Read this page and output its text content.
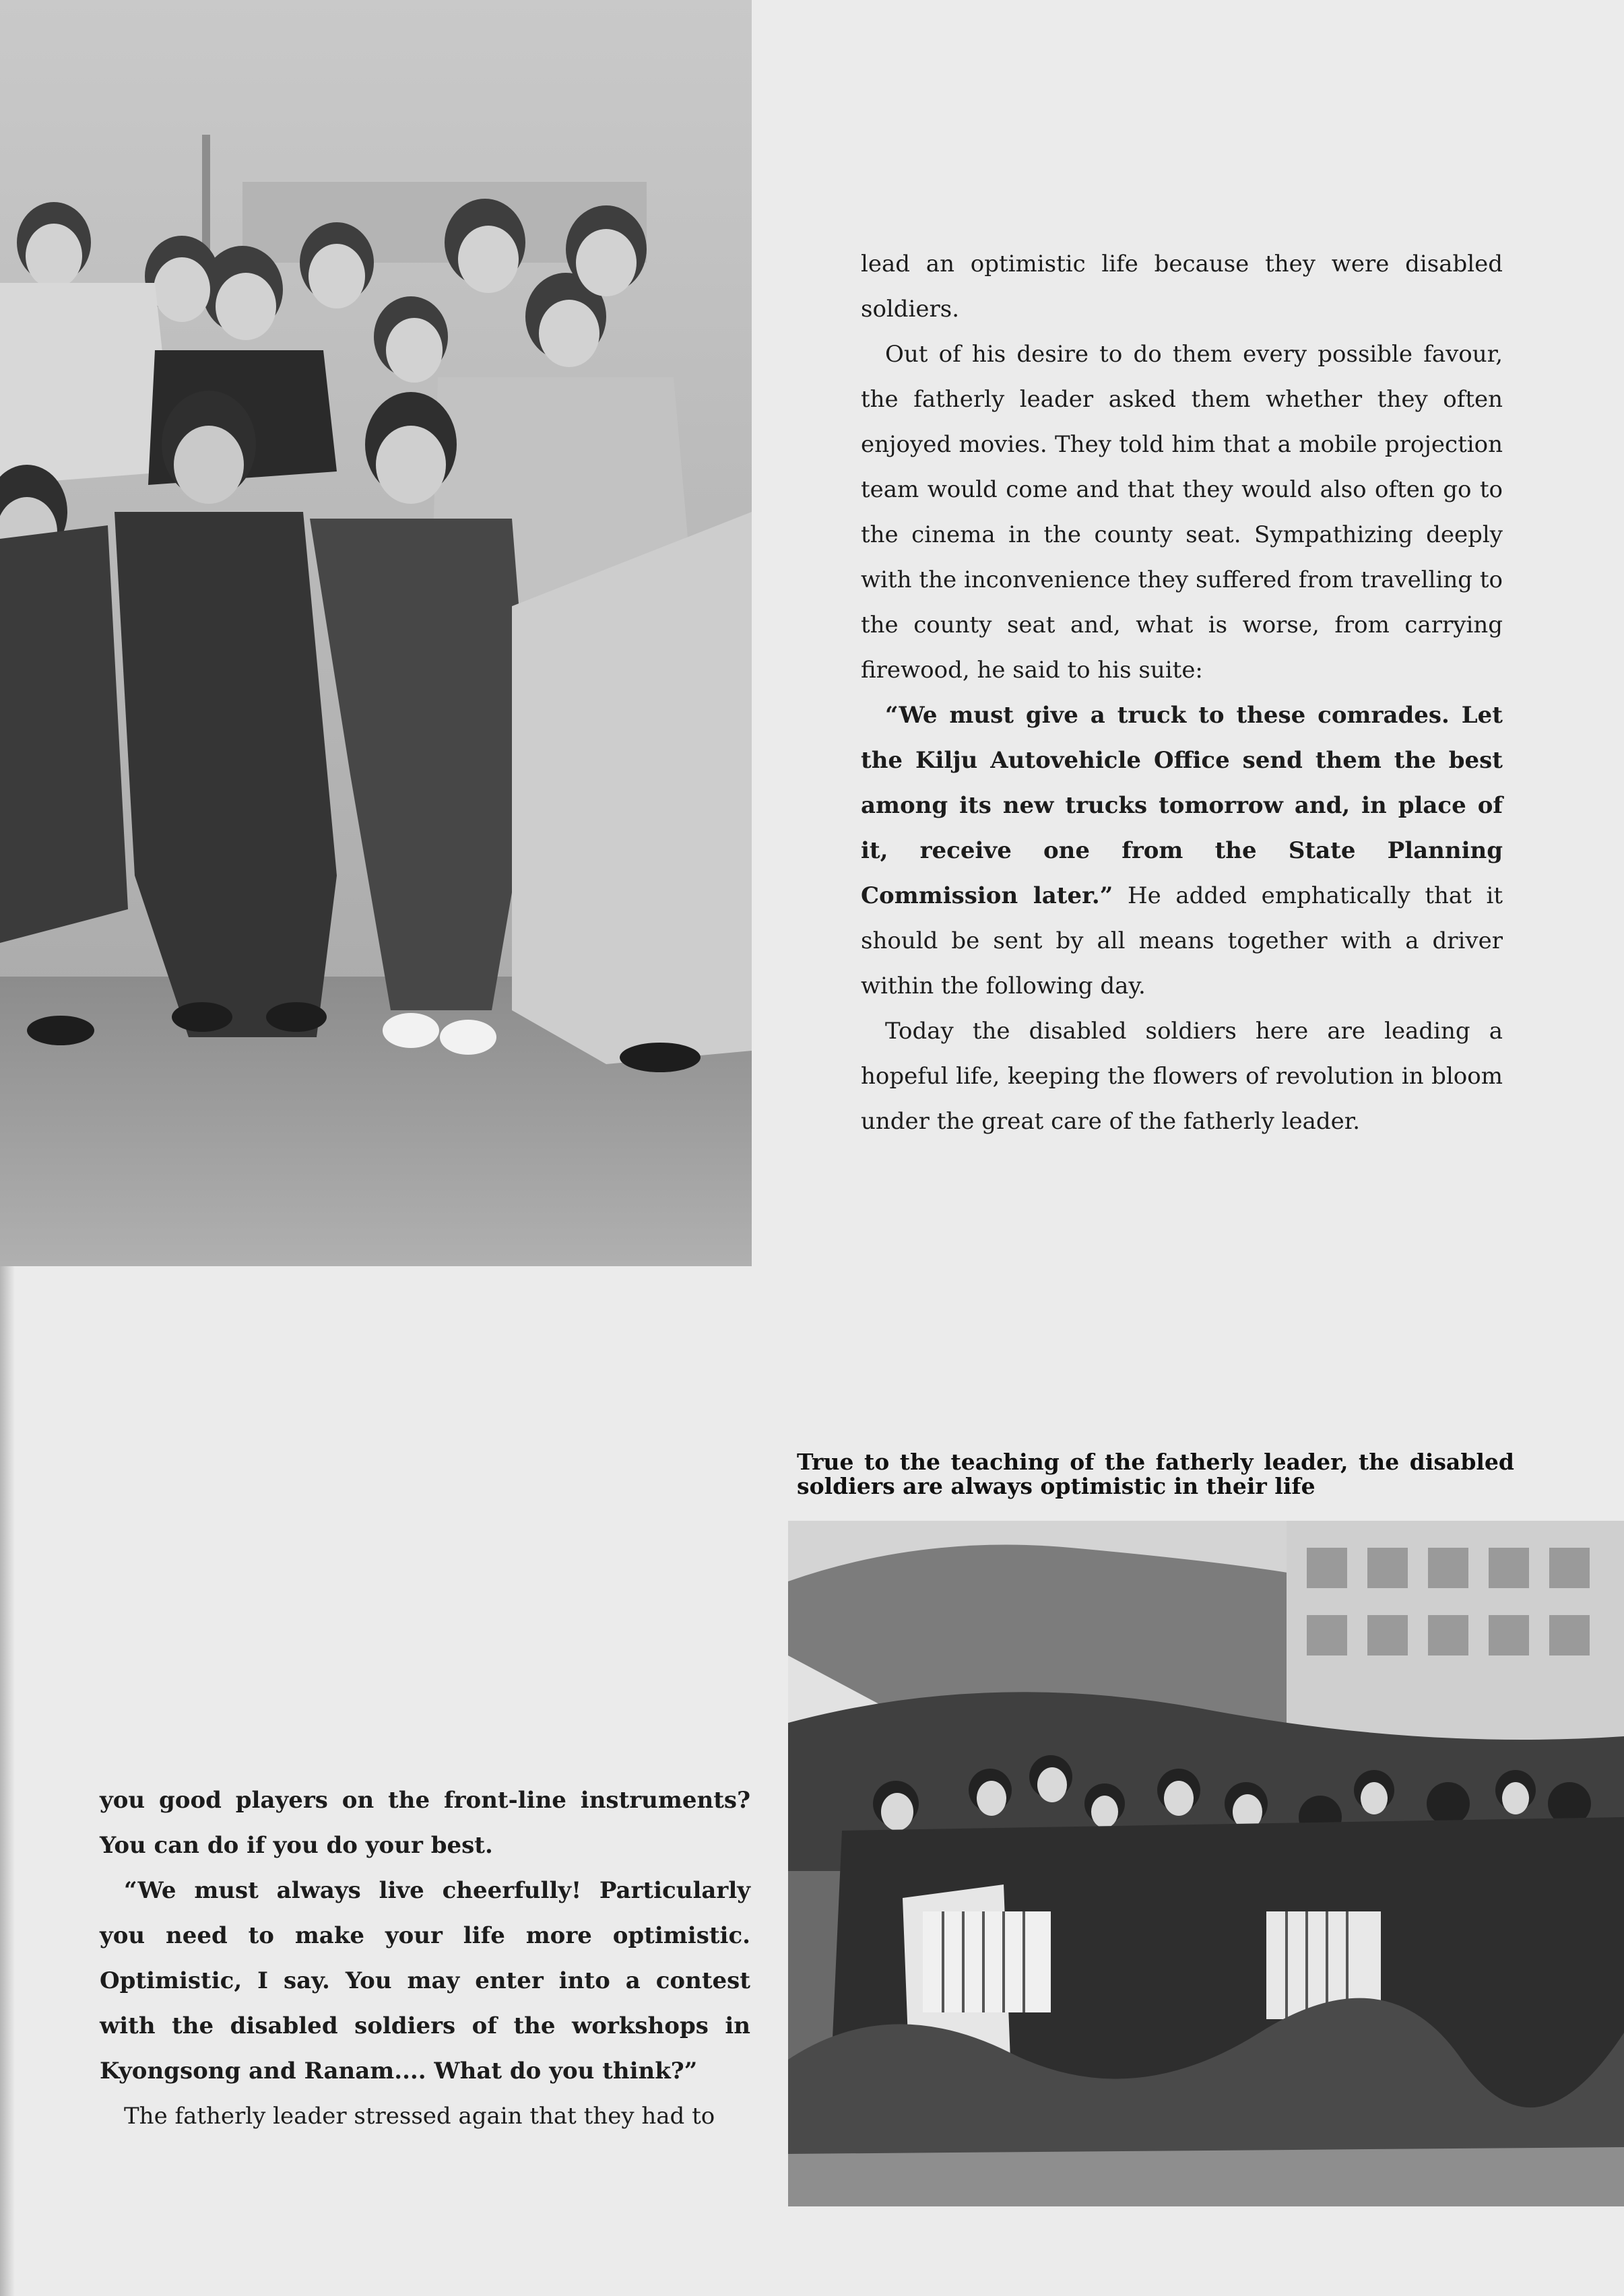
lead an optimistic life because they were disabled soldiers.

Out of his desire to do them every possible favour, the fatherly leader asked them whether they often enjoyed movies. They told him that a mobile projection team would come and that they would also often go to the cinema in the county seat. Sympathizing deeply with the inconvenience they suffered from travelling to the county seat and, what is worse, from carrying firewood, he said to his suite:

“We must give a truck to these comrades. Let the Kilju Autovehicle Office send them the best among its new trucks tomorrow and, in place of it, receive one from the State Planning Commission later.” He added emphatically that it should be sent by all means together with a driver within the following day.

Today the disabled soldiers here are leading a hopeful life, keeping the flowers of revolution in bloom under the great care of the fatherly leader.

True to the teaching of the fatherly leader, the disabled soldiers are always optimistic in their life

you good players on the front-line instruments? You can do if you do your best.

“We must always live cheerfully! Particularly you need to make your life more optimistic. Optimistic, I say. You may enter into a contest with the disabled soldiers of the workshops in Kyongsong and Ranam.... What do you think?”

The fatherly leader stressed again that they had to
